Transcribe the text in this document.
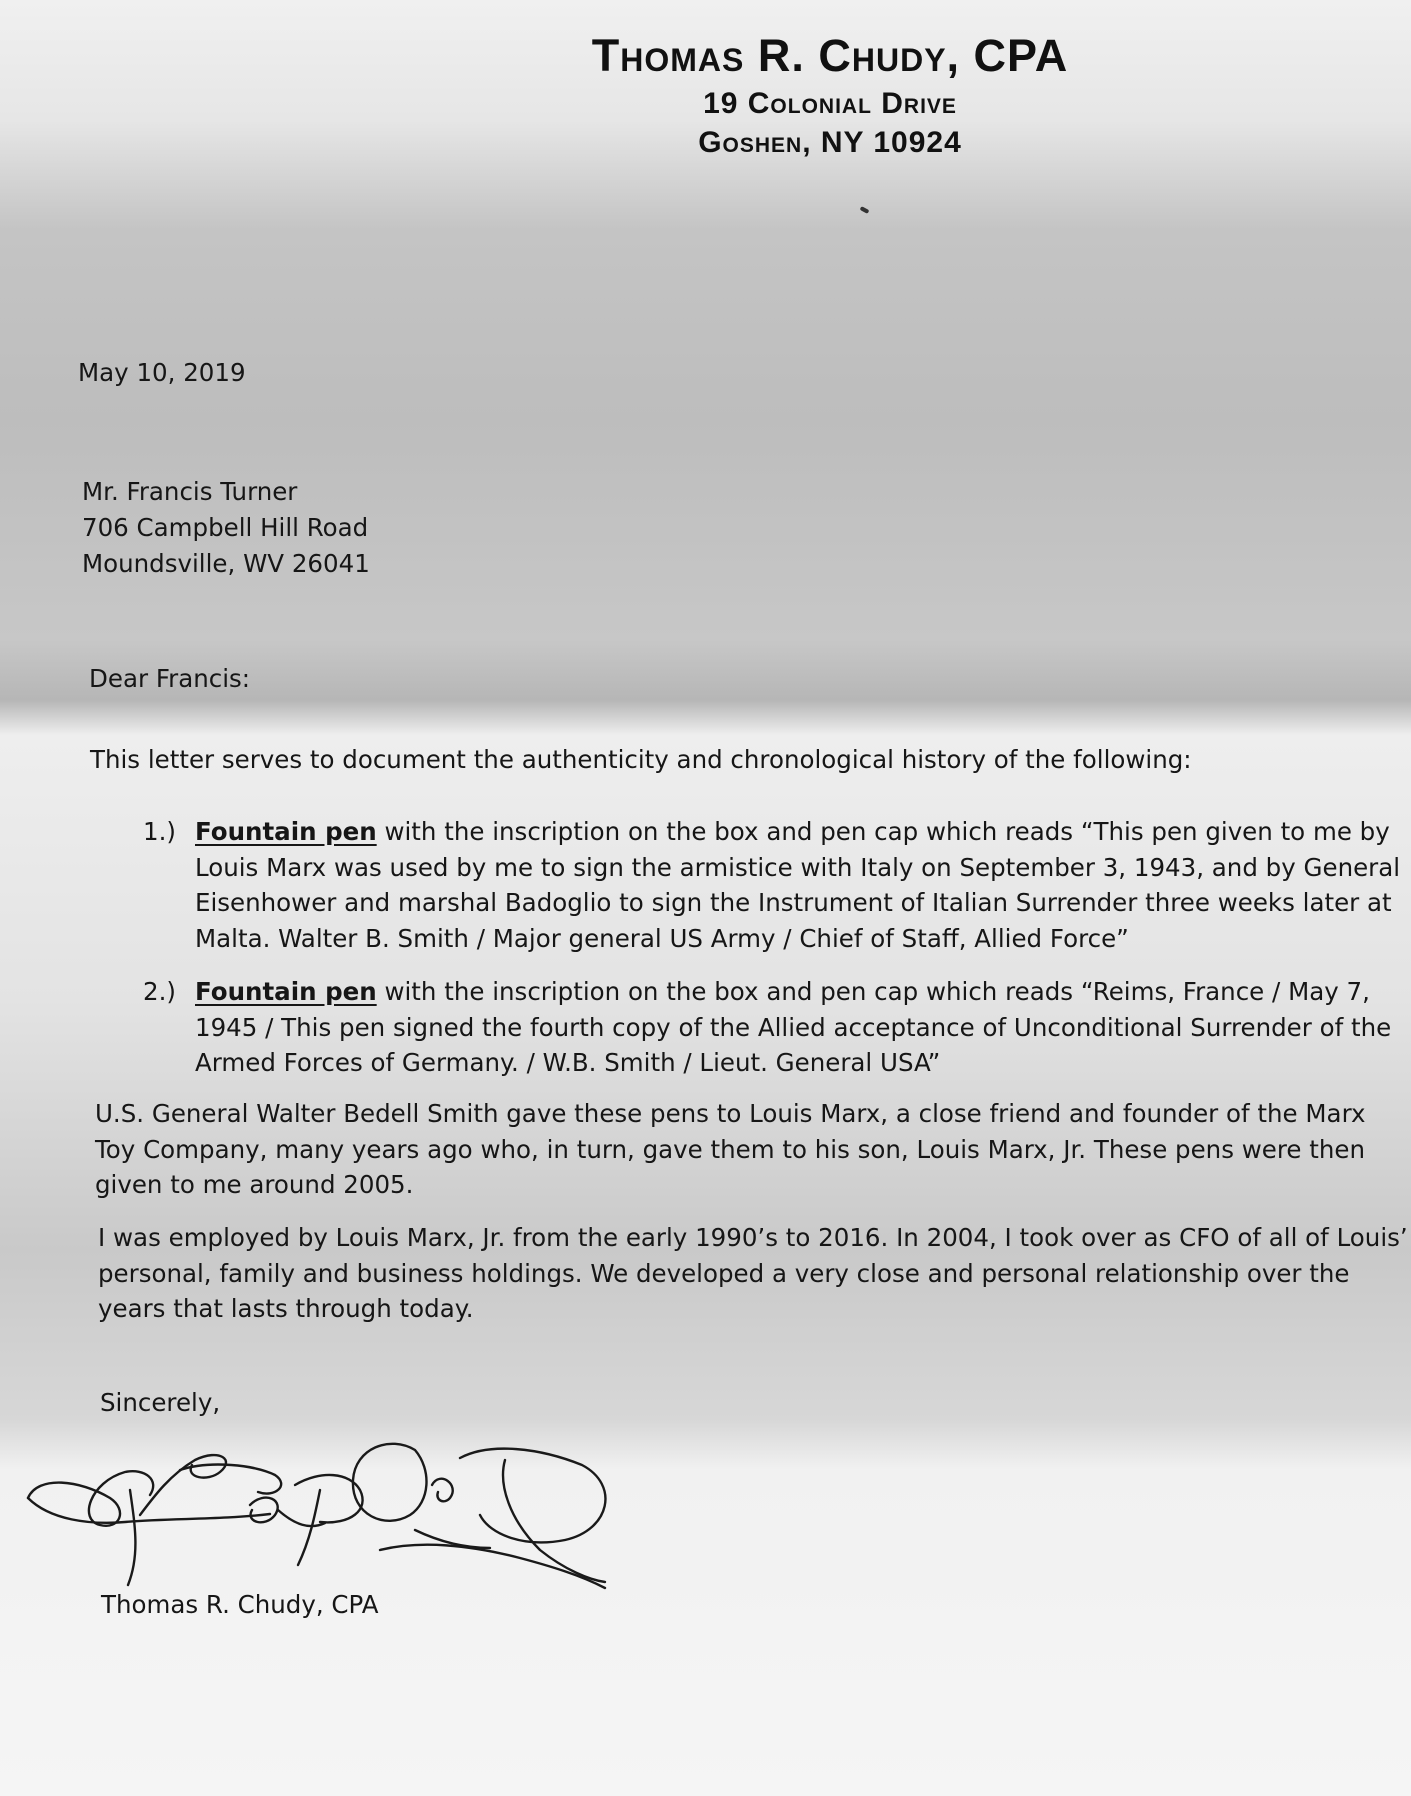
Thomas R. Chudy, CPA
19 Colonial Drive
Goshen, NY 10924
May 10, 2019
Mr. Francis Turner
706 Campbell Hill Road
Moundsville, WV 26041
Dear Francis:
This letter serves to document the authenticity and chronological history of the following:
1.) Fountain pen with the inscription on the box and pen cap which reads “This pen given to me by
Louis Marx was used by me to sign the armistice with Italy on September 3, 1943, and by General
Eisenhower and marshal Badoglio to sign the Instrument of Italian Surrender three weeks later at
Malta. Walter B. Smith / Major general US Army / Chief of Staff, Allied Force”
2.) Fountain pen with the inscription on the box and pen cap which reads “Reims, France / May 7,
1945 / This pen signed the fourth copy of the Allied acceptance of Unconditional Surrender of the
Armed Forces of Germany. / W.B. Smith / Lieut. General USA”
U.S. General Walter Bedell Smith gave these pens to Louis Marx, a close friend and founder of the Marx
Toy Company, many years ago who, in turn, gave them to his son, Louis Marx, Jr. These pens were then
given to me around 2005.
I was employed by Louis Marx, Jr. from the early 1990’s to 2016. In 2004, I took over as CFO of all of Louis’
personal, family and business holdings. We developed a very close and personal relationship over the
years that lasts through today.
Sincerely,
Thomas R. Chudy, CPA
